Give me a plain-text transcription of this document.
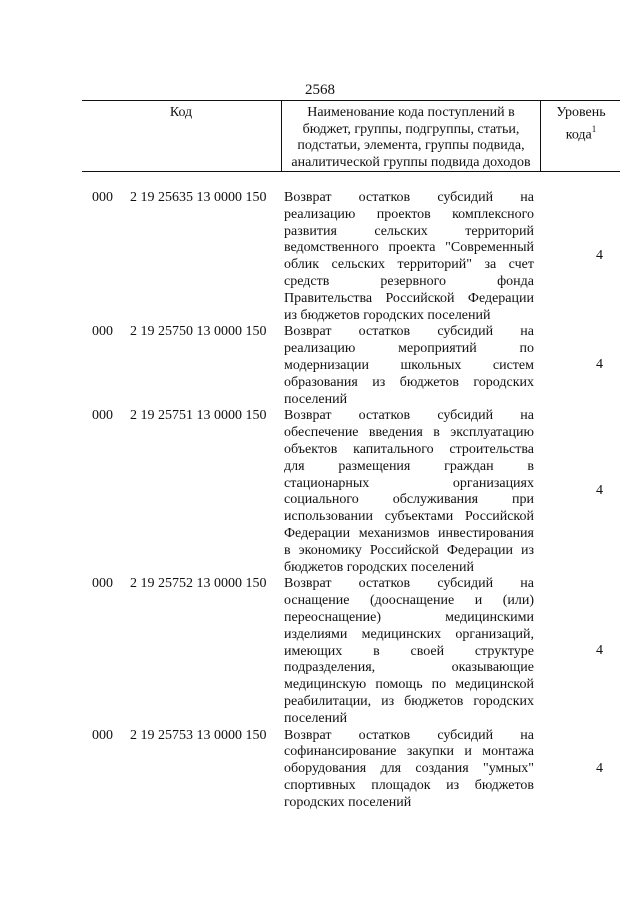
2568
Код	Наименование кода поступлений в
бюджет, группы, подгруппы, статьи,
подстатьи, элемента, группы подвида,
аналитической группы подвида доходов
Уровень
кода$^1$
000 2 19 25635 13 0000 150 Возврат остатков субсидий на
реализацию проектов комплексного
развития сельских территорий
ведомственного проекта "Современный
облик сельских территорий" за счет
средств резервного фонда
Правительства Российской Федерации
из бюджетов городских поселений
4
000 2 19 25750 13 0000 150 Возврат остатков субсидий на
реализацию мероприятий по
модернизации школьных систем
образования из бюджетов городских
поселений
4
000 2 19 25751 13 0000 150 Возврат остатков субсидий на
обеспечение введения в эксплуатацию
объектов капитального строительства
для размещения граждан в
стационарных организациях
социального обслуживания при
использовании субъектами Российской
Федерации механизмов инвестирования
в экономику Российской Федерации из
бюджетов городских поселений
4
000 2 19 25752 13 0000 150 Возврат остатков субсидий на
оснащение (дооснащение и (или)
переоснащение) медицинскими
изделиями медицинских организаций,
имеющих в своей структуре
подразделения, оказывающие
медицинскую помощь по медицинской
реабилитации, из бюджетов городских
поселений
4
000 2 19 25753 13 0000 150 Возврат остатков субсидий на
софинансирование закупки и монтажа
оборудования для создания "умных"
спортивных площадок из бюджетов
городских поселений
4
